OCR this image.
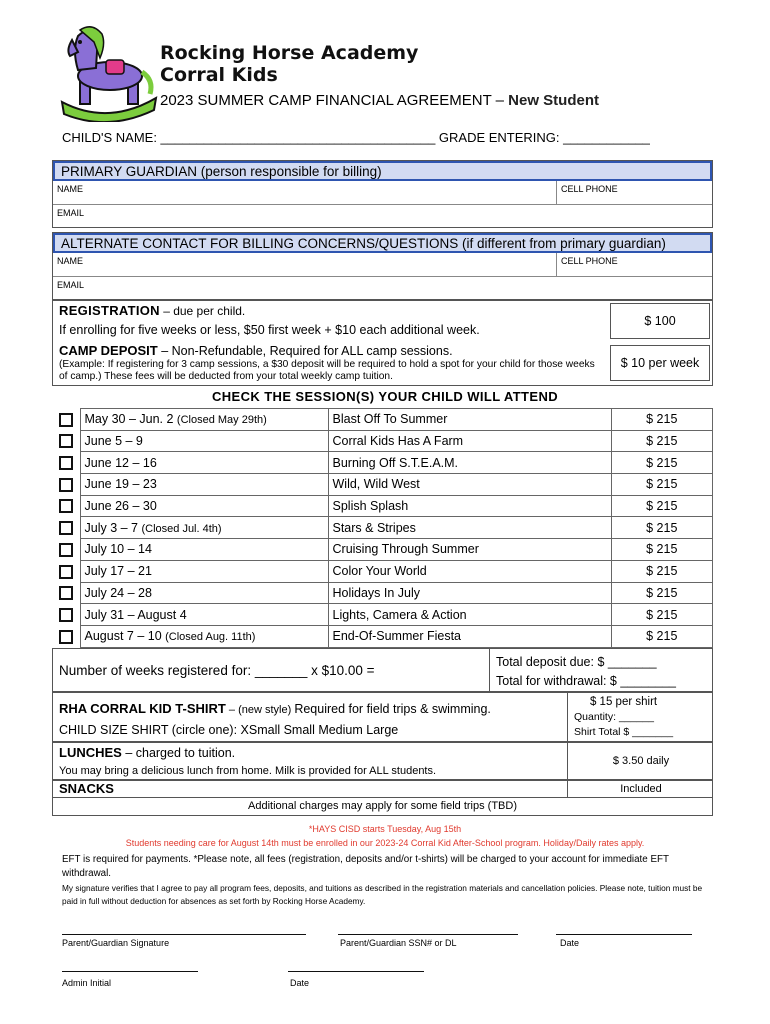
Rocking Horse Academy
Corral Kids
2023 SUMMER CAMP FINANCIAL AGREEMENT – New Student
CHILD'S NAME: ______________________________________ GRADE ENTERING: ____________
PRIMARY GUARDIAN (person responsible for billing)
NAME	CELL PHONE
EMAIL
ALTERNATE CONTACT FOR BILLING CONCERNS/QUESTIONS (if different from primary guardian)
NAME	CELL PHONE
EMAIL
REGISTRATION – due per child.
If enrolling for five weeks or less, $50 first week + $10 each additional week.
$ 100
CAMP DEPOSIT – Non-Refundable, Required for ALL camp sessions.
(Example: If registering for 3 camp sessions, a $30 deposit will be required to hold a spot for your child for those weeks of camp.) These fees will be deducted from your total weekly camp tuition.
$ 10 per week
CHECK THE SESSION(S) YOUR CHILD WILL ATTEND
	May 30 – Jun. 2 (Closed May 29th)	Blast Off To Summer	$ 215
	June 5 – 9	Corral Kids Has A Farm	$ 215
	June 12 – 16	Burning Off S.T.E.A.M.	$ 215
	June 19 – 23	Wild, Wild West	$ 215
	June 26 – 30	Splish Splash	$ 215
	July 3 – 7 (Closed Jul. 4th)	Stars & Stripes	$ 215
	July 10 – 14	Cruising Through Summer	$ 215
	July 17 – 21	Color Your World	$ 215
	July 24 – 28	Holidays In July	$ 215
	July 31 – August 4	Lights, Camera & Action	$ 215
	August 7 – 10 (Closed Aug. 11th)	End-Of-Summer Fiesta	$ 215
Number of weeks registered for: _______ x $10.00 =
Total deposit due: $ _______
Total for withdrawal: $ ________
RHA CORRAL KID T-SHIRT – (new style) Required for field trips & swimming.
CHILD SIZE SHIRT (circle one): XSmall Small Medium Large
$ 15 per shirt
Quantity: ______
Shirt Total $ _______
LUNCHES – charged to tuition.
You may bring a delicious lunch from home. Milk is provided for ALL students.
$ 3.50 daily
SNACKS	Included
Additional charges may apply for some field trips (TBD)
*HAYS CISD starts Tuesday, Aug 15th
Students needing care for August 14th must be enrolled in our 2023-24 Corral Kid After-School program. Holiday/Daily rates apply.
EFT is required for payments. *Please note, all fees (registration, deposits and/or t-shirts) will be charged to your account for immediate EFT withdrawal.
My signature verifies that I agree to pay all program fees, deposits, and tuitions as described in the registration materials and cancellation policies. Please note, tuition must be paid in full without deduction for absences as set forth by Rocking Horse Academy.
Parent/Guardian Signature	Parent/Guardian SSN# or DL	Date
Admin Initial	Date
